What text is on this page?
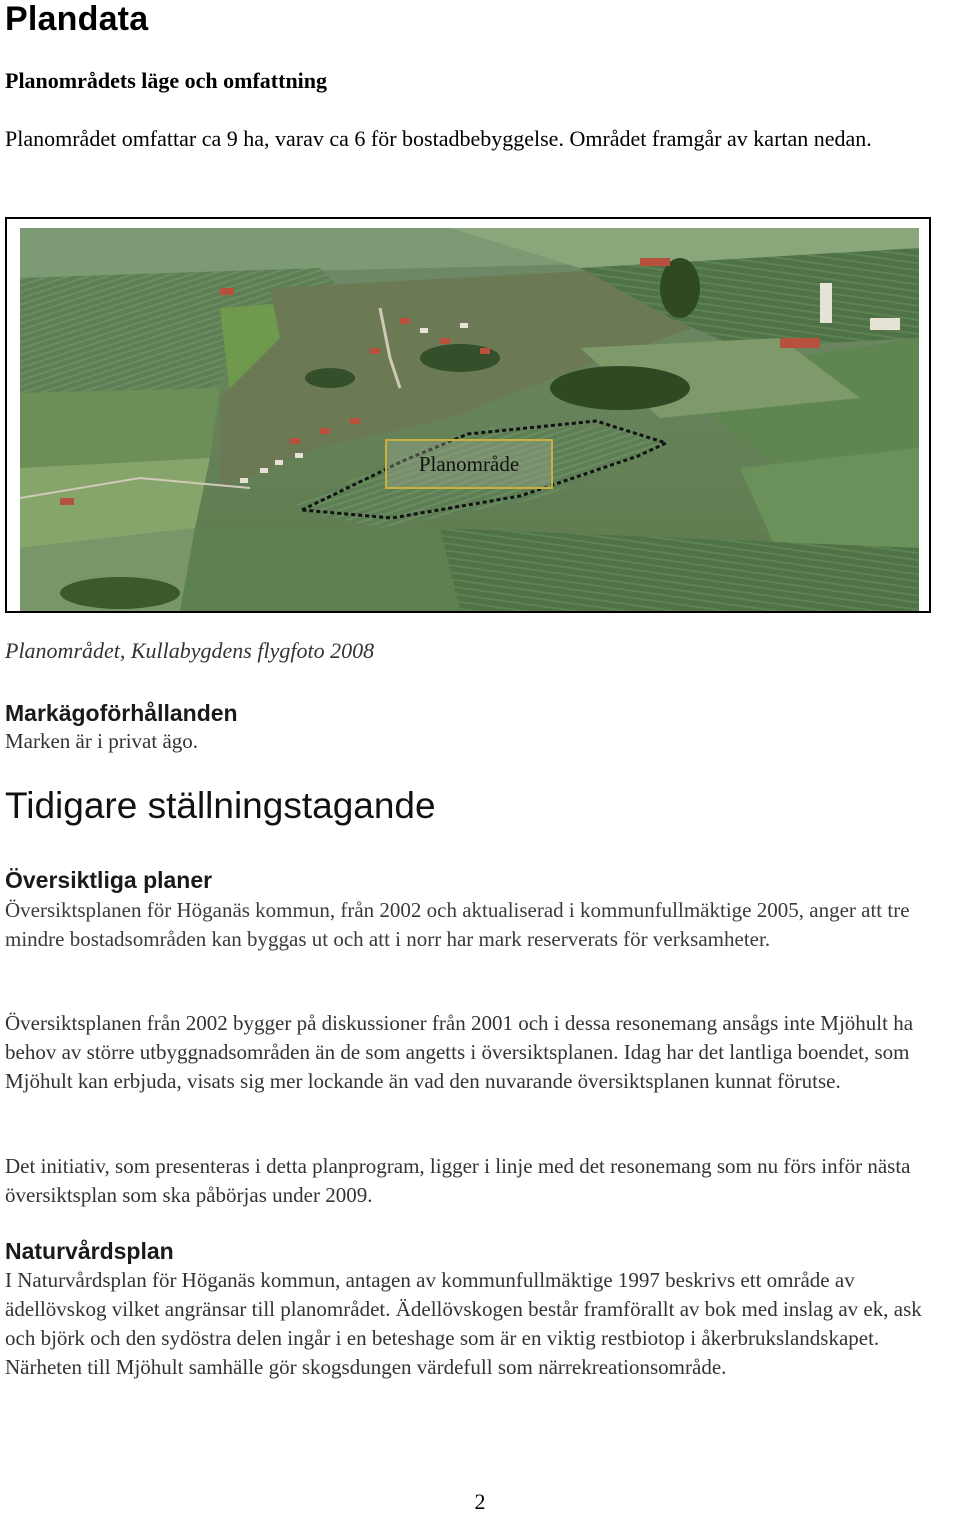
Plandata
Planområdets läge och omfattning

Planområdet omfattar ca 9 ha, varav ca 6 för bostadbebyggelse. Området framgår av kartan nedan.

Planområde

Planområdet, Kullabygdens flygfoto 2008

Markägoförhållanden

Marken är i privat ägo.

Tidigare ställningstagande
Översiktliga planer

Översiktsplanen för Höganäs kommun, från 2002 och aktualiserad i kommunfullmäktige 2005, anger att tre mindre bostadsområden kan byggas ut och att i norr har mark reserverats för verksamheter.

Översiktsplanen från 2002 bygger på diskussioner från 2001 och i dessa resonemang ansågs inte Mjöhult ha behov av större utbyggnadsområden än de som angetts i översiktsplanen. Idag har det lantliga boendet, som Mjöhult kan erbjuda, visats sig mer lockande än vad den nuvarande översiktsplanen kunnat förutse.

Det initiativ, som presenteras i detta planprogram, ligger i linje med det resonemang som nu förs inför nästa översiktsplan som ska påbörjas under 2009.

Naturvårdsplan

I Naturvårdsplan för Höganäs kommun, antagen av kommunfullmäktige 1997 beskrivs ett område av ädellövskog vilket angränsar till planområdet. Ädellövskogen består framförallt av bok med inslag av ek, ask och björk och den sydöstra delen ingår i en beteshage som är en viktig restbiotop i åkerbrukslandskapet. Närheten till Mjöhult samhälle gör skogsdungen värdefull som närrekreationsområde.

2
